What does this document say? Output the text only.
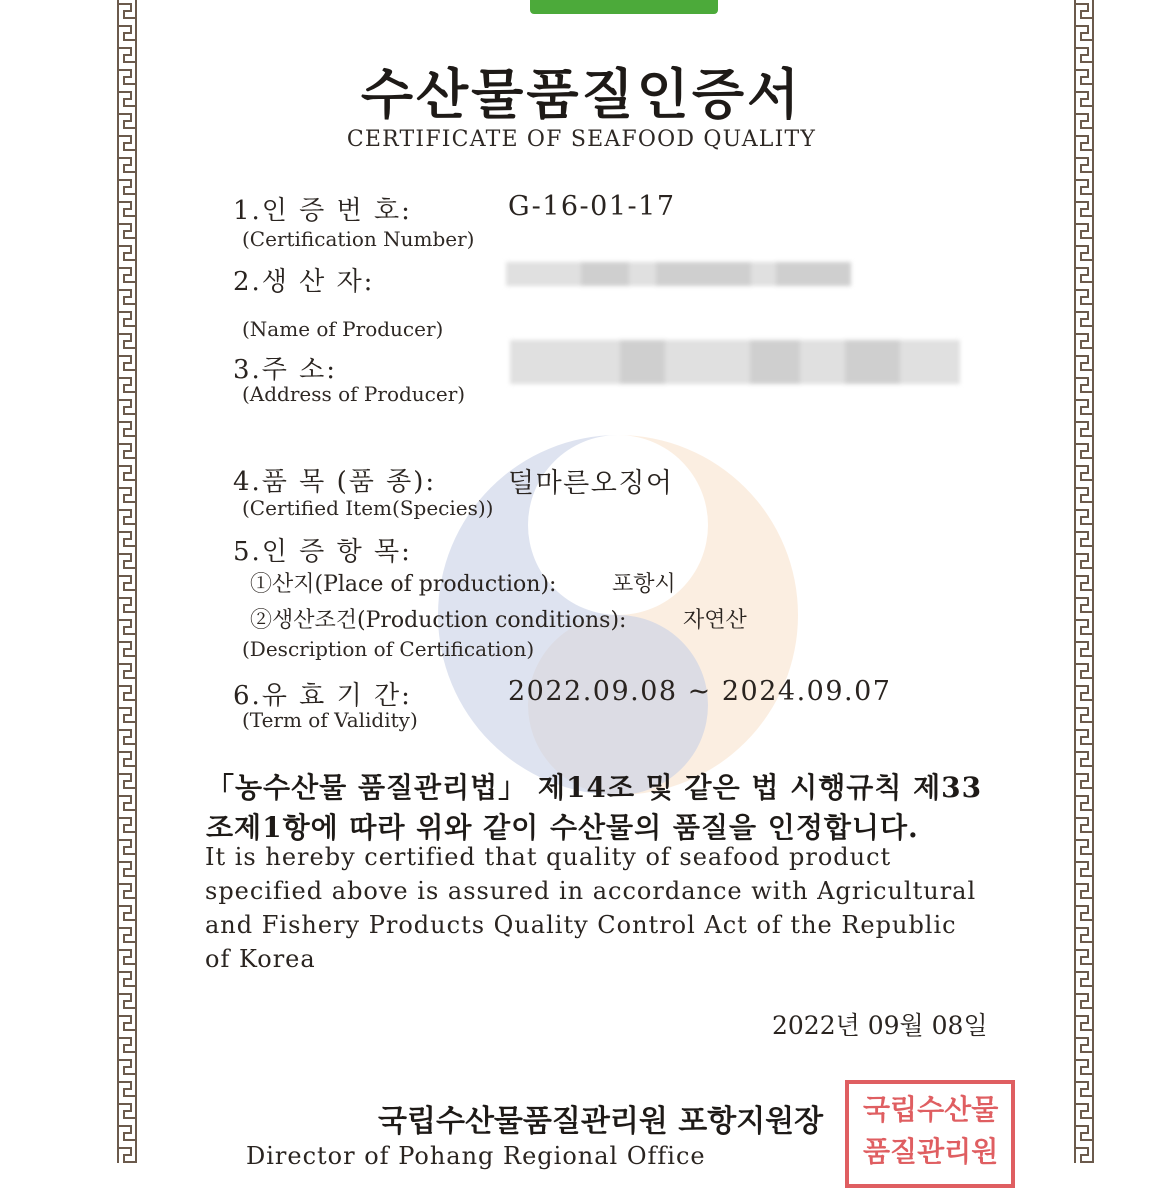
수산물품질인증서
CERTIFICATE OF SEAFOOD QUALITY
1.인 증 번 호:
(Certification Number)
G-16-01-17
2.생 산 자:
(Name of Producer)
3.주 소:
(Address of Producer)
4.품 목 (품 종):	덜마른오징어
(Certified Item(Species))
5.인 증 항 목:
①산지(Place of production):	포항시
②생산조건(Production conditions):	자연산
(Description of Certification)
6.유 효 기 간:	2022.09.08 ~ 2024.09.07
(Term of Validity)
「농수산물 품질관리법」 제14조 및 같은 법 시행규칙 제33
조제1항에 따라 위와 같이 수산물의 품질을 인정합니다.
It is hereby certified that quality of seafood product
specified above is assured in accordance with Agricultural
and Fishery Products Quality Control Act of the Republic
of Korea
2022년 09월 08일
국립수산물
품질관리원
국립수산물품질관리원 포항지원장
Director of Pohang Regional Office
